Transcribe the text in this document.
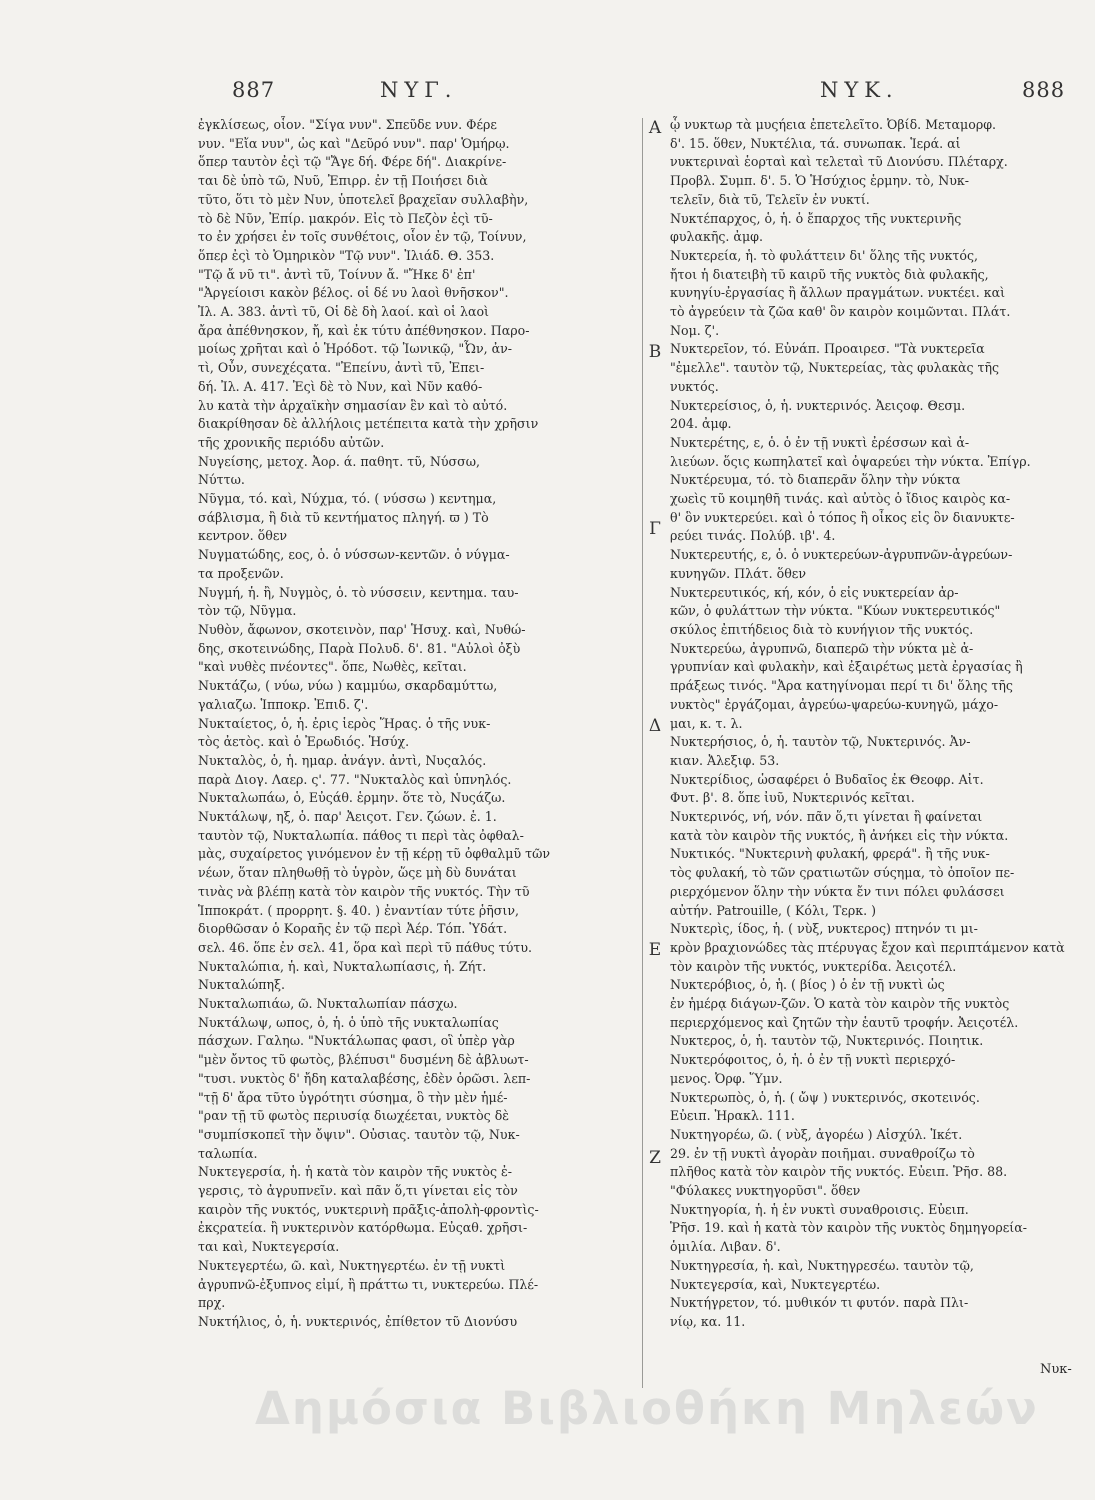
887	ΝΥΓ.	ΝΥΚ.	888
ἐγκλίσεως, οἷον. "Σίγα νυν". Σπεῦδε νυν. Φέρε
νυν. "Εἴα νυν", ὡς καὶ "Δεῦρό νυν". παρ' Ὁμήρῳ.
ὅπερ ταυτὸν ἐςὶ τῷ "Ἄγε δή. Φέρε δή". Διακρίνε-
ται δὲ ὑπὸ τῶ, Νυῦ, Ἐπιρρ. ἐν τῇ Ποιήσει διὰ
τῦτο, ὅτι τὸ μὲν Νυν, ὑποτελεῖ βραχεῖαν συλλαβὴν,
τὸ δὲ Νῦν, Ἐπίρ. μακρόν. Εἰς τὸ Πεζὸν ἐςὶ τῦ-
το ἐν χρήσει ἐν τοῖς συνθέτοις, οἷον ἐν τῷ, Τοίνυν,
ὅπερ ἐςὶ τὸ Ὁμηρικὸν "Τῷ νυν". Ἰλιάδ. Θ. 353.
"Τῷ ἄ νῦ τι". ἀντὶ τῦ, Τοίνυν ἄ. "Ἤκε δ' ἐπ'
"Ἀργείοισι κακὸν βέλος. οἱ δέ νυ λαοὶ θνῆσκον".
Ἰλ. Α. 383. ἀντὶ τῦ, Οἱ δὲ δὴ λαοί. καὶ οἱ λαοὶ
ἄρα ἀπέθνησκον, ἤ, καὶ ἐκ τύτυ ἀπέθνησκον. Παρο-
μοίως χρῆται καὶ ὁ Ἡρόδοτ. τῷ Ἰωνικῷ, "Ὦν, ἀν-
τὶ, Οὖν, συνεχέςατα. "Ἐπείνυ, ἀντὶ τῦ, Ἐπει-
δή. Ἰλ. Α. 417. Ἐςὶ δὲ τὸ Νυν, καὶ Νῦν καθό-
λυ κατὰ τὴν ἀρχαϊκὴν σημασίαν ἓν καὶ τὸ αὐτό.
διακρίθησαν δὲ ἀλλήλοις μετέπειτα κατὰ τὴν χρῆσιν
τῆς χρονικῆς περιόδυ αὐτῶν.
Νυγείσης, μετοχ. Ἀορ. ά. παθητ. τῦ, Νύσσω,
Νύττω.
Νῦγμα, τό. καὶ, Νύχμα, τό. ( νύσσω ) κεντημα,
σάβλισμα, ἢ διὰ τῦ κεντήματος πληγή. ϖ ) Τὸ
κεντρον. ὅθεν
Νυγματώδης, εος, ὁ. ὁ νύσσων-κεντῶν. ὁ νύγμα-
τα προξενῶν.
Νυγμή, ἡ. ἢ, Νυγμὸς, ὁ. τὸ νύσσειν, κεντημα. ταυ-
τὸν τῷ, Νῦγμα.
Νυθὸν, ἄφωνον, σκοτεινὸν, παρ' Ἡσυχ. καὶ, Νυθώ-
δης, σκοτεινώδης, Παρὰ Πολυδ. δ'. 81. "Αὐλοὶ ὀξὺ
"καὶ νυθὲς πνέοντες". ὅπε, Νωθὲς, κεῖται.
Νυκτάζω, ( νύω, νύω ) καμμύω, σκαρδαμύττω,
γαλιαζω. Ἱπποκρ. Ἐπιδ. ζ'.
Νυκταίετος, ὁ, ἡ. ἐρις ἱερὸς Ἥρας. ὁ τῆς νυκ-
τὸς ἀετὸς. καὶ ὁ Ἐρωδιός. Ἡσύχ.
Νυκταλὸς, ὁ, ἡ. ημαρ. ἀνάγν. ἀντὶ, Νυςαλός.
παρὰ Διογ. Λαερ. ς'. 77. "Νυκταλὸς καὶ ὑπνηλός.
Νυκταλωπάω, ὁ, Εὐςάθ. ἑρμην. ὅτε τὸ, Νυςάζω.
Νυκτάλωψ, ηξ, ὁ. παρ' Ἀειςοτ. Γεν. ζώων. ἑ. 1.
ταυτὸν τῷ, Νυκταλωπία. πάθος τι περὶ τὰς ὀφθαλ-
μὰς, συχαίρετος γινόμενον ἐν τῇ κέρῃ τῦ ὀφθαλμῦ τῶν
νέων, ὅταν πληθωθῇ τὸ ὑγρὸν, ὥςε μὴ δὺ δυνάται
τινὰς νὰ βλέπῃ κατὰ τὸν καιρὸν τῆς νυκτός. Τὴν τῦ
Ἱπποκράτ. ( προρρητ. §. 40. ) ἐναντίαν τύτε ῥῆσιν,
διορθῶσαν ὁ Κοραῆς ἐν τῷ περὶ Ἀέρ. Τόπ. Ὑδάτ.
σελ. 46. ὅπε ἐν σελ. 41, ὅρα καὶ περὶ τῦ πάθυς τύτυ.
Νυκταλώπια, ἡ. καὶ, Νυκταλωπίασις, ἡ. Ζήτ.
Νυκταλώπηξ.
Νυκταλωπιάω, ῶ. Νυκταλωπίαν πάσχω.
Νυκτάλωψ, ωπος, ὁ, ἡ. ὁ ὑπὸ τῆς νυκταλωπίας
πάσχων. Γαληω. "Νυκτάλωπας φασι, οἳ ὑπὲρ γὰρ
"μὲν ὄντος τῦ φωτὸς, βλέπυσι" δυσμένη δὲ ἀβλυωτ-
"τυσι. νυκτὸς δ' ἤδη καταλαβέσης, ἐδὲν ὁρῶσι. λεπ-
"τῇ δ' ἄρα τῦτο ὑγρότητι σύσημα, ὃ τὴν μὲν ἡμέ-
"ραν τῇ τῦ φωτὸς περιυσίᾳ διωχέεται, νυκτὸς δὲ
"συμπίσκοπεῖ τὴν ὄψιν". Οὐσιας. ταυτὸν τῷ, Νυκ-
ταλωπία.
Νυκτεγερσία, ἡ. ἡ κατὰ τὸν καιρὸν τῆς νυκτὸς ἐ-
γερσις, τὸ ἀγρυπνεῖν. καὶ πᾶν ὅ,τι γίνεται εἰς τὸν
καιρὸν τῆς νυκτός, νυκτερινὴ πρᾶξις-ἀπολὴ-φροντὶς-
ἐκςρατεία. ἢ νυκτερινὸν κατόρθωμα. Εὐςαθ. χρῆσι-
ται καὶ, Νυκτεγερσία.
Νυκτεγερτέω, ῶ. καὶ, Νυκτηγερτέω. ἐν τῇ νυκτὶ
ἀγρυπνῶ-ἐξυπνος εἰμί, ἢ πράττω τι, νυκτερεύω. Πλέ-
πρχ.
Νυκτήλιος, ὁ, ἡ. νυκτερινός, ἐπίθετον τῦ Διονύσυ
Α
Β
Γ
Δ
Ε
Ζ
ᾧ νυκτωρ τὰ μυςήεια ἐπετελεῖτο. Ὀβίδ. Μεταμορφ.
δ'. 15. ὅθεν, Νυκτέλια, τά. συνωπακ. Ἱερά. αἱ
νυκτεριναὶ ἑορταὶ καὶ τελεταὶ τῦ Διονύσυ. Πλέταρχ.
Προβλ. Συμπ. δ'. 5. Ὁ Ἡσύχιος ἑρμην. τὸ, Νυκ-
τελεῖν, διὰ τῦ, Τελεῖν ἐν νυκτί.
Νυκτέπαρχος, ὁ, ἡ. ὁ ἔπαρχος τῆς νυκτερινῆς
φυλακῆς. ἀμφ.
Νυκτερεία, ἡ. τὸ φυλάττειν δι' ὅλης τῆς νυκτός,
ἤτοι ἡ διατειβὴ τῦ καιρῦ τῆς νυκτὸς διὰ φυλακῆς,
κυνηγίυ-ἐργασίας ἢ ἄλλων πραγμάτων. νυκτέει. καὶ
τὸ ἀγρεύειν τὰ ζῶα καθ' ὃν καιρὸν κοιμῶνται. Πλάτ.
Νομ. ζ'.
Νυκτερεῖον, τό. Εὐνάπ. Προαιρεσ. "Τὰ νυκτερεῖα
"ἐμελλε". ταυτὸν τῷ, Νυκτερείας, τὰς φυλακὰς τῆς
νυκτός.
Νυκτερείσιος, ὁ, ἡ. νυκτερινός. Ἀειςοφ. Θεσμ.
204. ἀμφ.
Νυκτερέτης, ε, ὁ. ὁ ἐν τῇ νυκτὶ ἐρέσσων καὶ ἁ-
λιεύων. ὅςις κωπηλατεῖ καὶ ὀψαρεύει τὴν νύκτα. Ἐπίγρ.
Νυκτέρευμα, τό. τὸ διαπερᾶν ὅλην τὴν νύκτα
χωεὶς τῦ κοιμηθῆ τινάς. καὶ αὐτὸς ὁ ἴδιος καιρὸς κα-
θ' ὃν νυκτερεύει. καὶ ὁ τόπος ἢ οἶκος εἰς ὃν διανυκτε-
ρεύει τινάς. Πολύβ. ιβ'. 4.
Νυκτερευτής, ε, ὁ. ὁ νυκτερεύων-ἀγρυπνῶν-ἀγρεύων-
κυνηγῶν. Πλάτ. ὅθεν
Νυκτερευτικός, κή, κόν, ὁ εἰς νυκτερείαν ἀρ-
κῶν, ὁ φυλάττων τὴν νύκτα. "Κύων νυκτερευτικός"
σκύλος ἐπιτήδειος διὰ τὸ κυνήγιον τῆς νυκτός.
Νυκτερεύω, ἀγρυπνῶ, διαπερῶ τὴν νύκτα μὲ ἀ-
γρυπνίαν καὶ φυλακὴν, καὶ ἐξαιρέτως μετὰ ἐργασίας ἢ
πράξεως τινός. "Ἀρα κατηγίνομαι περί τι δι' ὅλης τῆς
νυκτὸς" ἐργάζομαι, ἀγρεύω-ψαρεύω-κυνηγῶ, μάχο-
μαι, κ. τ. λ.
Νυκτερήσιος, ὁ, ἡ. ταυτὸν τῷ, Νυκτερινός. Ἀν-
κιαν. Ἀλεξιφ. 53.
Νυκτερίδιος, ὡσαφέρει ὁ Βυδαῖος ἐκ Θεοφρ. Αἰτ.
Φυτ. β'. 8. ὅπε ἰυῦ, Νυκτερινός κεῖται.
Νυκτερινός, νή, νόν. πᾶν ὅ,τι γίνεται ἢ φαίνεται
κατὰ τὸν καιρὸν τῆς νυκτός, ἢ ἀνήκει εἰς τὴν νύκτα.
Νυκτικός. "Νυκτερινὴ φυλακή, φρερά". ἢ τῆς νυκ-
τὸς φυλακή, τὸ τῶν ςρατιωτῶν σύςημα, τὸ ὁποῖον πε-
ριερχόμενον ὅλην τὴν νύκτα ἔν τινι πόλει φυλάσσει
αὐτήν. Patrouille, ( Κόλι, Τερκ. )
Νυκτερὶς, ίδος, ἡ. ( νὺξ, νυκτερος) πτηνόν τι μι-
κρὸν βραχιονώδες τὰς πτέρυγας ἔχον καὶ περιπτάμενον κατὰ
τὸν καιρὸν τῆς νυκτός, νυκτερίδα. Ἀειςοτέλ.
Νυκτερόβιος, ὁ, ἡ. ( βίος ) ὁ ἐν τῇ νυκτὶ ὡς
ἐν ἡμέρᾳ διάγων-ζῶν. Ὁ κατὰ τὸν καιρὸν τῆς νυκτὸς
περιερχόμενος καὶ ζητῶν τὴν ἑαυτῦ τροφήν. Ἀειςοτέλ.
Νυκτερος, ὁ, ἡ. ταυτὸν τῷ, Νυκτερινός. Ποιητικ.
Νυκτερόφοιτος, ὁ, ἡ. ὁ ἐν τῇ νυκτὶ περιερχό-
μενος. Ὀρφ. Ὕμν.
Νυκτερωπὸς, ὁ, ἡ. ( ὤψ ) νυκτερινός, σκοτεινός.
Εὐειπ. Ἡρακλ. 111.
Νυκτηγορέω, ῶ. ( νὺξ, ἀγορέω ) Αἰσχύλ. Ἱκέτ.
29. ἐν τῇ νυκτὶ ἀγορὰν ποιῆμαι. συναθροίζω τὸ
πλῆθος κατὰ τὸν καιρὸν τῆς νυκτός. Εὐειπ. Ῥῆσ. 88.
"Φύλακες νυκτηγορῦσι". ὅθεν
Νυκτηγορία, ἡ. ἡ ἐν νυκτὶ συναθροισις. Εὐειπ.
Ῥῆσ. 19. καὶ ἡ κατὰ τὸν καιρὸν τῆς νυκτὸς δημηγορεία-
ὁμιλία. Λιβαν. δ'.
Νυκτηγρεσία, ἡ. καὶ, Νυκτηγρεσέω. ταυτὸν τῷ,
Νυκτεγερσία, καὶ, Νυκτεγερτέω.
Νυκτήγρετον, τό. μυθικόν τι φυτόν. παρὰ Πλι-
νίῳ, κα. 11.
Νυκ-
Δημόσια Βιβλιοθήκη Μηλεών
